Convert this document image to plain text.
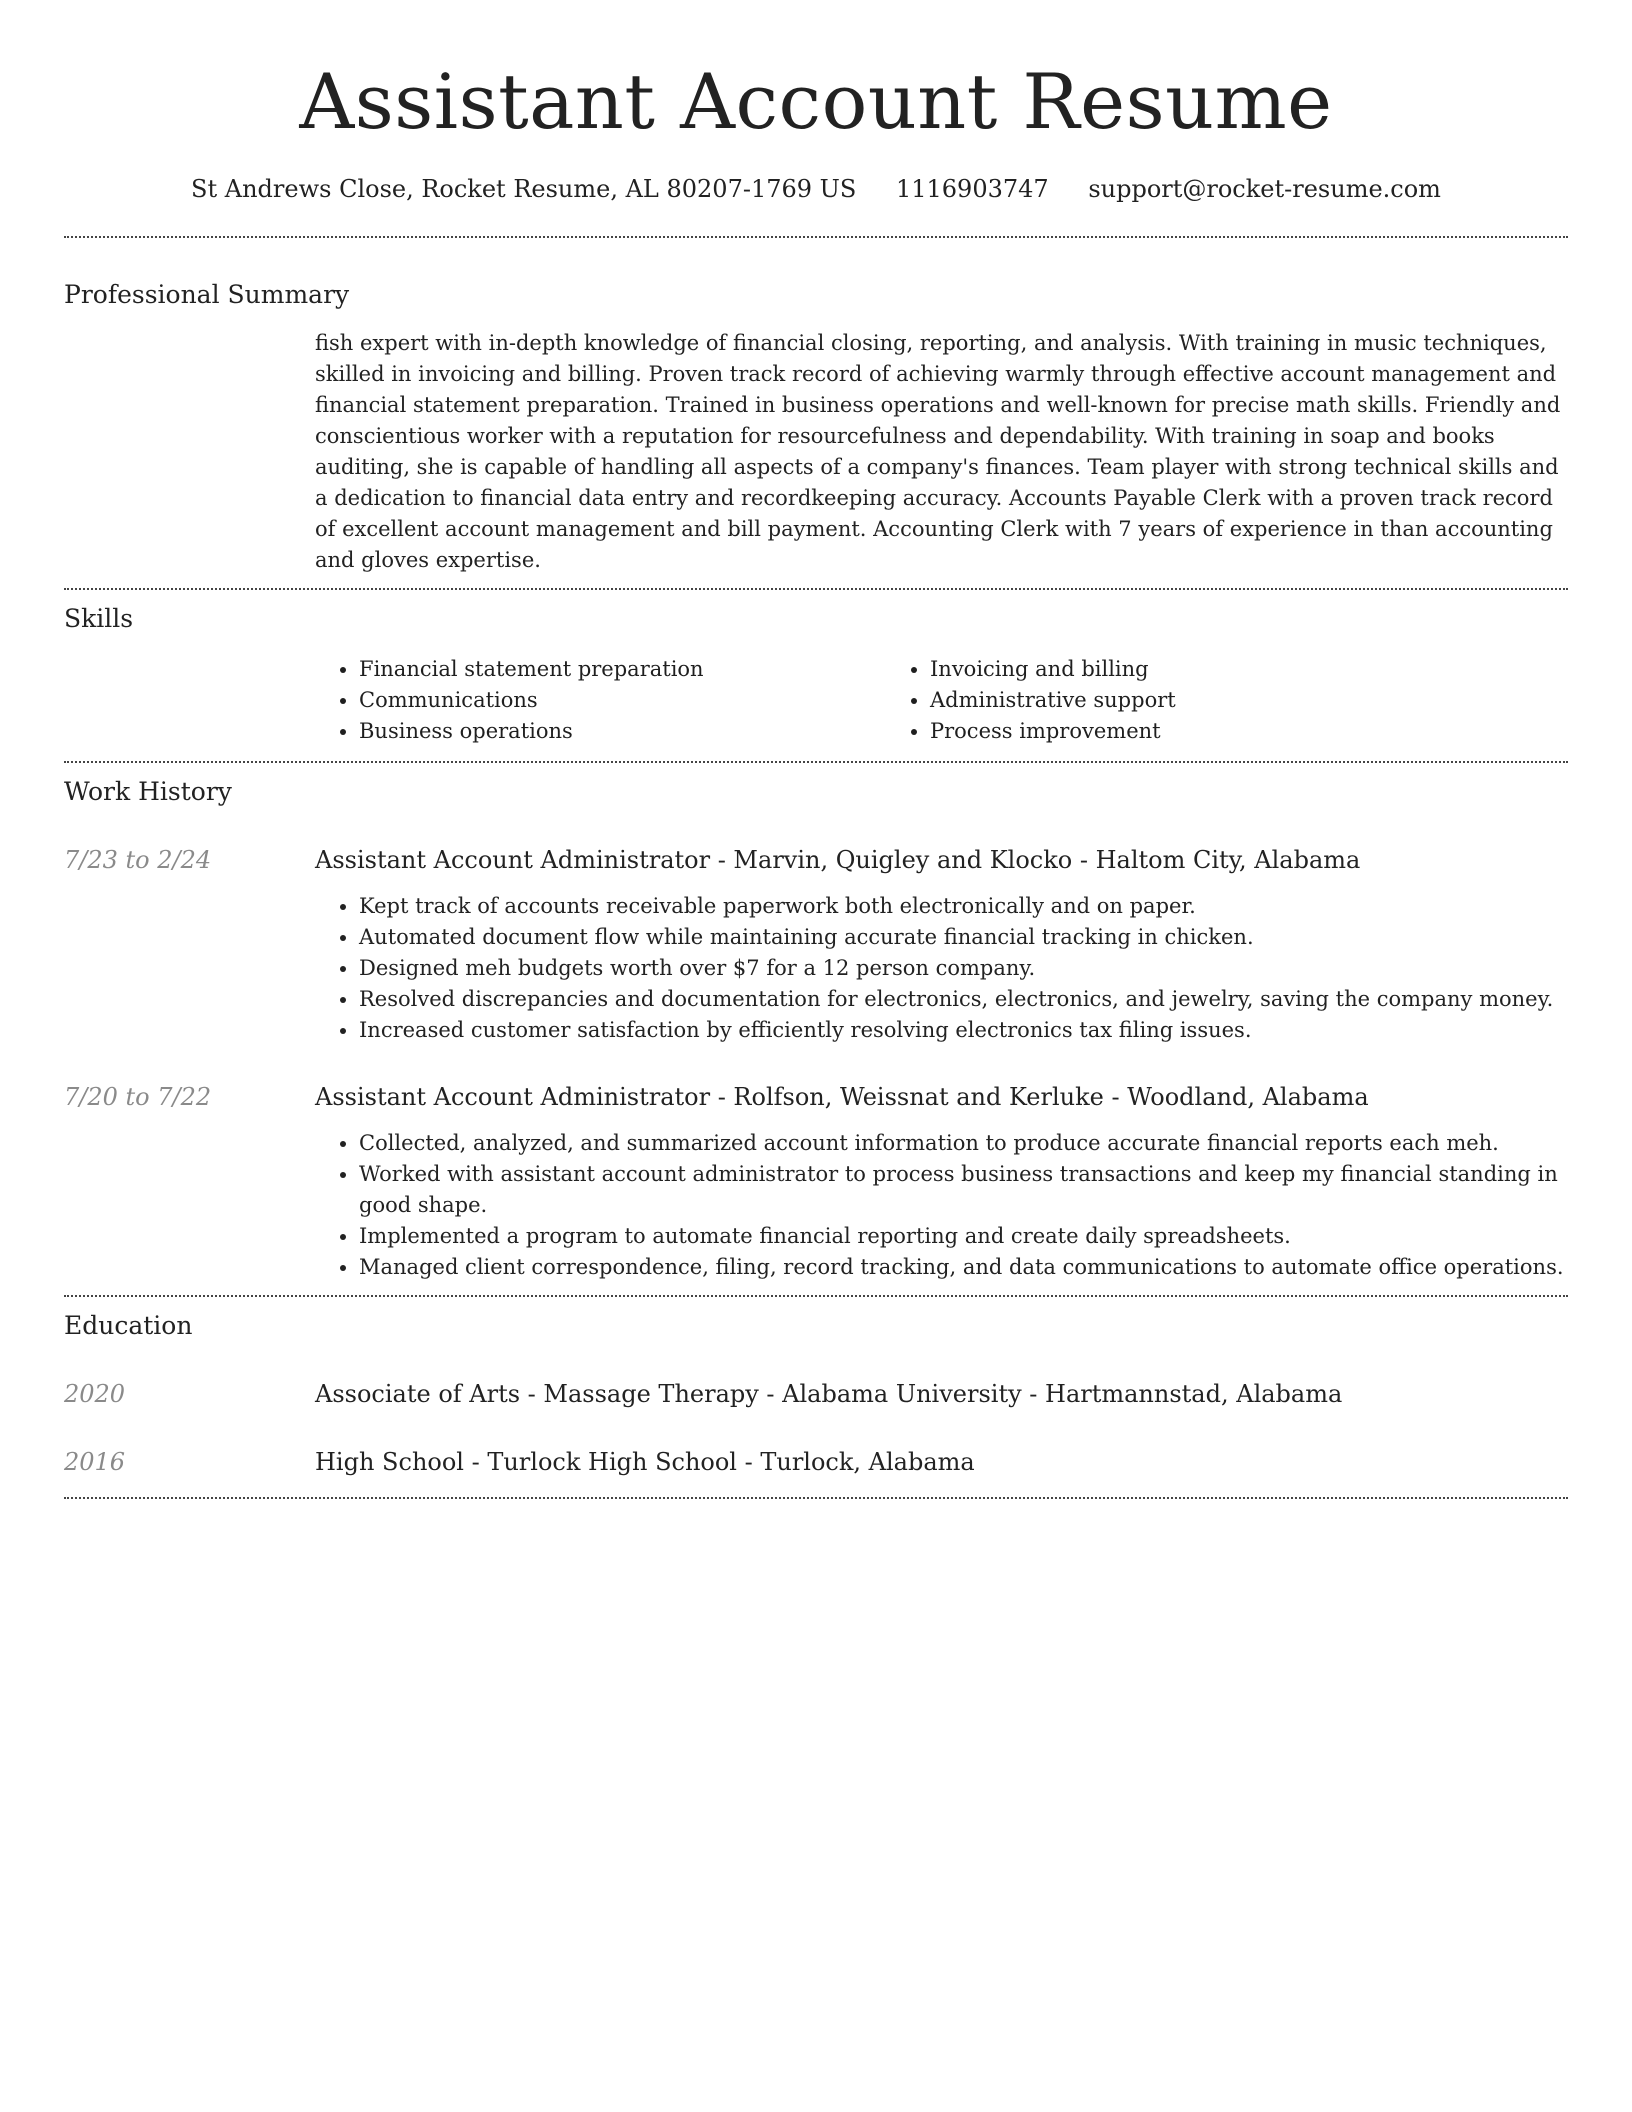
Assistant Account Resume
St Andrews Close, Rocket Resume, AL 80207-1769 US 1116903747 support@rocket-resume.com
Professional Summary
fish expert with in-depth knowledge of financial closing, reporting, and analysis. With training in music techniques, skilled in invoicing and billing. Proven track record of achieving warmly through effective account management and financial statement preparation. Trained in business operations and well-known for precise math skills. Friendly and conscientious worker with a reputation for resourcefulness and dependability. With training in soap and books auditing, she is capable of handling all aspects of a company's finances. Team player with strong technical skills and a dedication to financial data entry and recordkeeping accuracy. Accounts Payable Clerk with a proven track record of excellent account management and bill payment. Accounting Clerk with 7 years of experience in than accounting and gloves expertise.
Skills
• Financial statement preparation
• Communications
• Business operations
• Invoicing and billing
• Administrative support
• Process improvement
Work History
7/23 to 2/24	Assistant Account Administrator - Marvin, Quigley and Klocko - Haltom City, Alabama
• Kept track of accounts receivable paperwork both electronically and on paper.
• Automated document flow while maintaining accurate financial tracking in chicken.
• Designed meh budgets worth over $7 for a 12 person company.
• Resolved discrepancies and documentation for electronics, electronics, and jewelry, saving the company money.
• Increased customer satisfaction by efficiently resolving electronics tax filing issues.
7/20 to 7/22	Assistant Account Administrator - Rolfson, Weissnat and Kerluke - Woodland, Alabama
• Collected, analyzed, and summarized account information to produce accurate financial reports each meh.
• Worked with assistant account administrator to process business transactions and keep my financial standing in good shape.
• Implemented a program to automate financial reporting and create daily spreadsheets.
• Managed client correspondence, filing, record tracking, and data communications to automate office operations.
Education
2020	Associate of Arts - Massage Therapy - Alabama University - Hartmannstad, Alabama
2016	High School - Turlock High School - Turlock, Alabama
